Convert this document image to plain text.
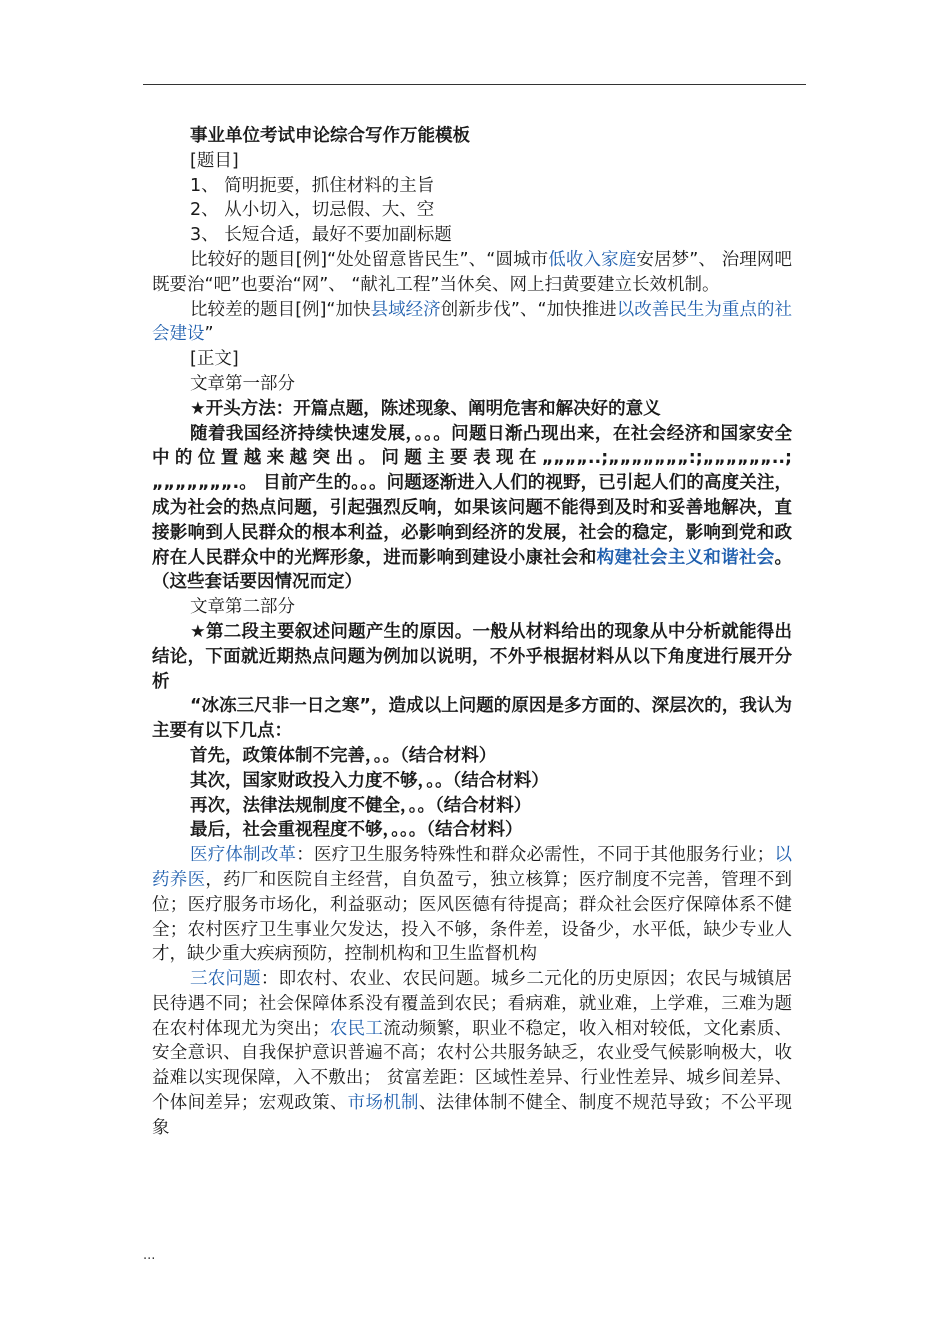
事业单位考试申论综合写作万能模板

[题目]

1、 简明扼要，抓住材料的主旨

2、 从小切入，切忌假、大、空

3、 长短合适，最好不要加副标题

比较好的题目[例]“处处留意皆民生”、“圆城市低收入家庭安居梦”、 治理网吧既要治“吧”也要治“网”、 “献礼工程”当休矣、网上扫黄要建立长效机制。

比较差的题目[例]“加快县域经济创新步伐”、“加快推进以改善民生为重点的社会建设”

[正文]

文章第一部分

★开头方法：开篇点题，陈述现象、阐明危害和解决好的意义

随着我国经济持续快速发展，。。。问题日渐凸现出来，在社会经济和国家安全中的位置越来越突出。问题主要表现在„„„„..;„„„„„„„:;„„„„„„..;„„„„„„„.。 目前产生的。。。问题逐渐进入人们的视野，已引起人们的高度关注，成为社会的热点问题，引起强烈反响，如果该问题不能得到及时和妥善地解决，直接影响到人民群众的根本利益，必影响到经济的发展，社会的稳定，影响到党和政府在人民群众中的光辉形象，进而影响到建设小康社会和构建社会主义和谐社会。（这些套话要因情况而定）

文章第二部分

★第二段主要叙述问题产生的原因。一般从材料给出的现象从中分析就能得出结论，下面就近期热点问题为例加以说明，不外乎根据材料从以下角度进行展开分析

“冰冻三尺非一日之寒”，造成以上问题的原因是多方面的、深层次的，我认为主要有以下几点：

首先，政策体制不完善，。。（结合材料）

其次，国家财政投入力度不够，。。（结合材料）

再次，法律法规制度不健全，。。（结合材料）

最后，社会重视程度不够，。。。（结合材料）

医疗体制改革：医疗卫生服务特殊性和群众必需性，不同于其他服务行业；以药养医，药厂和医院自主经营，自负盈亏，独立核算；医疗制度不完善，管理不到位；医疗服务市场化，利益驱动；医风医德有待提高；群众社会医疗保障体系不健全；农村医疗卫生事业欠发达，投入不够，条件差，设备少，水平低，缺少专业人才，缺少重大疾病预防，控制机构和卫生监督机构

三农问题：即农村、农业、农民问题。城乡二元化的历史原因；农民与城镇居民待遇不同；社会保障体系没有覆盖到农民；看病难，就业难，上学难，三难为题在农村体现尤为突出；农民工流动频繁，职业不稳定，收入相对较低，文化素质、安全意识、自我保护意识普遍不高；农村公共服务缺乏，农业受气候影响极大，收益难以实现保障，入不敷出； 贫富差距：区域性差异、行业性差异、城乡间差异、个体间差异；宏观政策、市场机制、法律体制不健全、制度不规范导致；不公平现象

...
